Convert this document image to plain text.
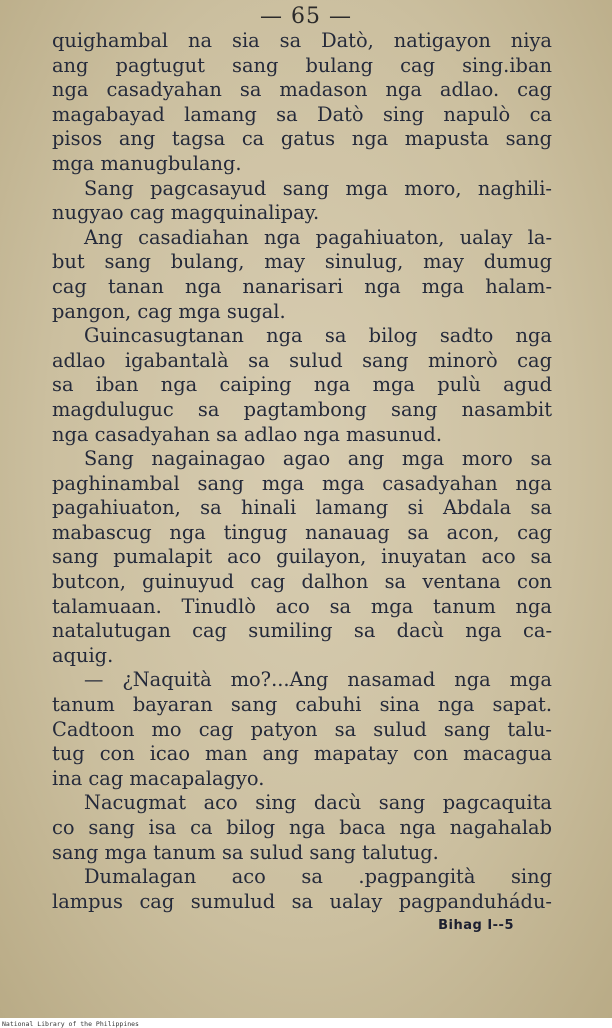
— 65 —
quighambal na sia sa Datò, natigayon niya
ang pagtugut sang bulang cag sing.iban
nga casadyahan sa madason nga adlao. cag
magabayad lamang sa Datò sing napulò ca
pisos ang tagsa ca gatus nga mapusta sang
mga manugbulang.
Sang pagcasayud sang mga moro, naghili-
nugyao cag magquinalipay.
Ang casadiahan nga pagahiuaton, ualay la-
but sang bulang, may sinulug, may dumug
cag tanan nga nanarisari nga mga halam-
pangon, cag mga sugal.
Guincasugtanan nga sa bilog sadto nga
adlao igabantalà sa sulud sang minorò cag
sa iban nga caiping nga mga pulù agud
magduluguc sa pagtambong sang nasambit
nga casadyahan sa adlao nga masunud.
Sang nagainagao agao ang mga moro sa
paghinambal sang mga mga casadyahan nga
pagahiuaton, sa hinali lamang si Abdala sa
mabascug nga tingug nanauag sa acon, cag
sang pumalapit aco guilayon, inuyatan aco sa
butcon, guinuyud cag dalhon sa ventana con
talamuaan. Tinudlò aco sa mga tanum nga
natalutugan cag sumiling sa dacù nga ca-
aquig.
— ¿Naquità mo?...Ang nasamad nga mga
tanum bayaran sang cabuhi sina nga sapat.
Cadtoon mo cag patyon sa sulud sang talu-
tug con icao man ang mapatay con macagua
ina cag macapalagyo.
Nacugmat aco sing dacù sang pagcaquita
co sang isa ca bilog nga baca nga nagahalab
sang mga tanum sa sulud sang talutug.
Dumalagan aco sa .pagpangità sing
lampus cag sumulud sa ualay pagpanduhádu-
Bihag I--5
National Library of the Philippines
